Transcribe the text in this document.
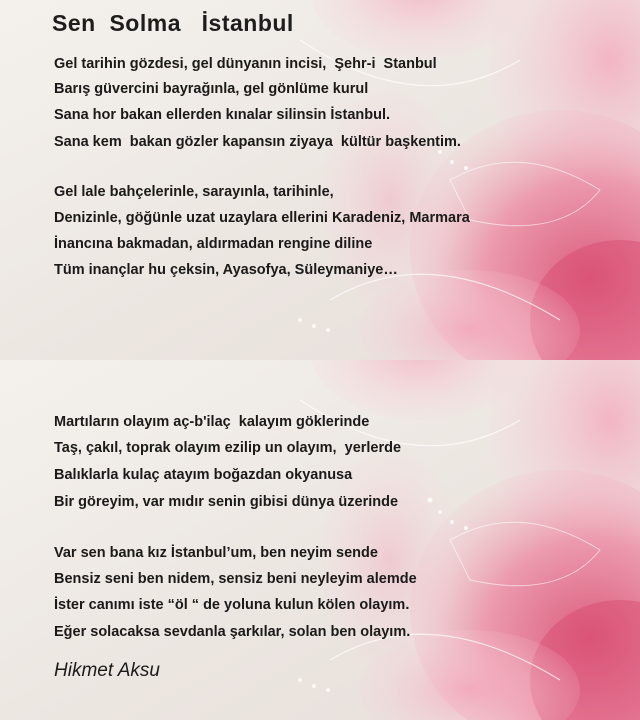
Sen  Solma   İstanbul

Gel tarihin gözdesi, gel dünyanın incisi,  Şehr-i  Stanbul

Barış güvercini bayrağınla, gel gönlüme kurul

Sana hor bakan ellerden kınalar silinsin İstanbul.

Sana kem  bakan gözler kapansın ziyaya  kültür başkentim.

Gel lale bahçelerinle, sarayınla, tarihinle,

Denizinle, göğünle uzat uzaylara ellerini Karadeniz, Marmara

İnancına bakmadan, aldırmadan rengine diline

Tüm inançlar hu çeksin, Ayasofya, Süleymaniye…

Martıların olayım aç-b'ilaç  kalayım göklerinde

Taş, çakıl, toprak olayım ezilip un olayım,  yerlerde

Balıklarla kulaç atayım boğazdan okyanusa

Bir göreyim, var mıdır senin gibisi dünya üzerinde

Var sen bana kız İstanbul’um, ben neyim sende

Bensiz seni ben nidem, sensiz beni neyleyim alemde

İster canımı iste “öl “ de yoluna kulun kölen olayım.

Eğer solacaksa sevdanla şarkılar, solan ben olayım.

Hikmet Aksu
